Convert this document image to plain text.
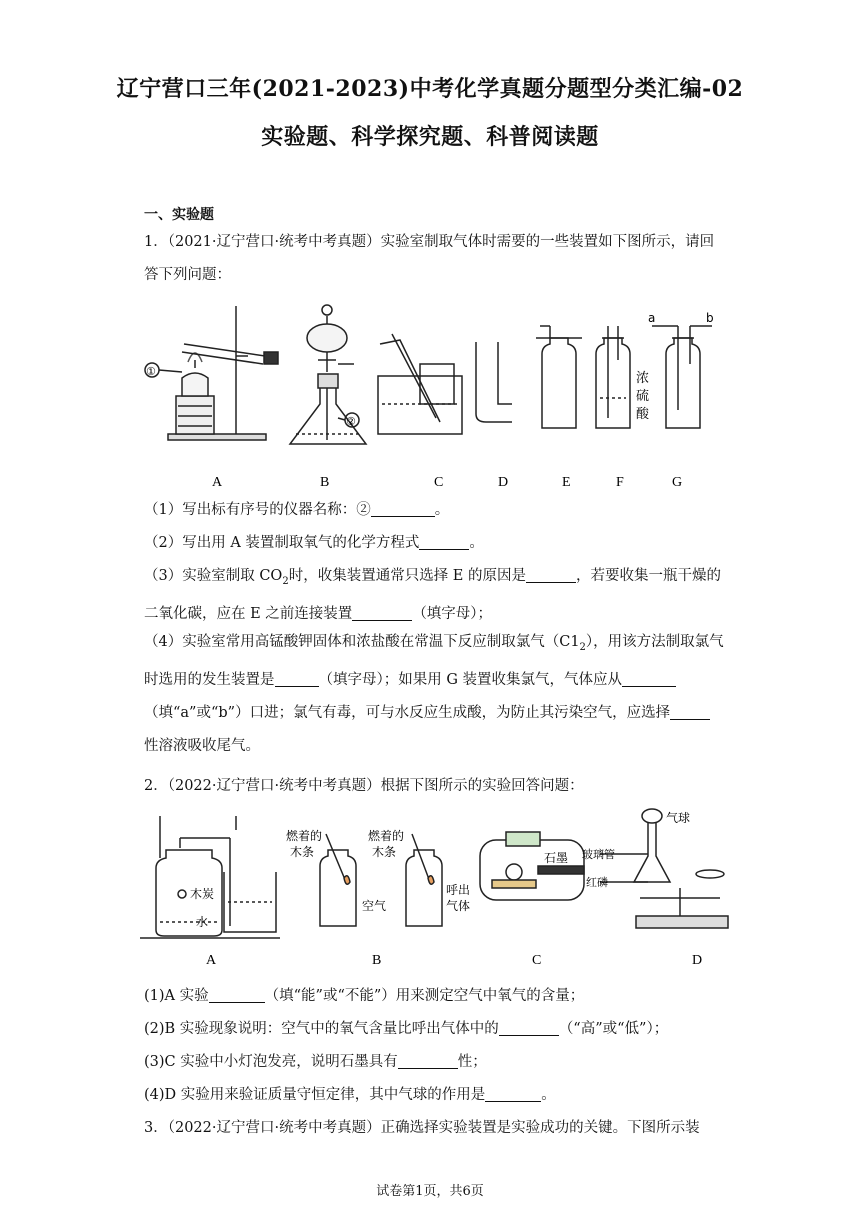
辽宁营口三年(2021-2023)中考化学真题分题型分类汇编-02
实验题、科学探究题、科普阅读题
一、实验题
1．（2021·辽宁营口·统考中考真题）实验室制取气体时需要的一些装置如下图所示，请回答下列问题：
①
②
浓
硫
酸
a	b
A	B	C	D	E	F	G
（1）写出标有序号的仪器名称：②	。
（2）写出用 A 装置制取氧气的化学方程式	。
（3）实验室制取 $CO_2$时，收集装置通常只选择 E 的原因是	，若要收集一瓶干燥的二氧化碳，应在 E 之前连接装置	（填字母）；
（4）实验室常用高锰酸钾固体和浓盐酸在常温下反应制取氯气$(C1_2)$，用该方法制取氯气时选用的发生装置是	（填字母）；如果用 G 装置收集氯气，气体应从（填“a”或“b”）口进；氯气有毒，可与水反应生成酸，为防止其污染空气，应选择性溶液吸收尾气。
2．（2022·辽宁营口·统考中考真题）根据下图所示的实验回答问题：
木炭
水
燃着的
木条
燃着的
木条
空气
呼出
气体
石墨 玻璃管
红磷
气球
A	B	C	D
(1)A 实验	（填“能”或“不能”）用来测定空气中氧气的含量；
(2)B 实验现象说明：空气中的氧气含量比呼出气体中的	（“高”或“低”）；
(3)C 实验中小灯泡发亮，说明石墨具有	性；
(4)D 实验用来验证质量守恒定律，其中气球的作用是	。
3．（2022·辽宁营口·统考中考真题）正确选择实验装置是实验成功的关键。下图所示装
试卷第1页，共6页
